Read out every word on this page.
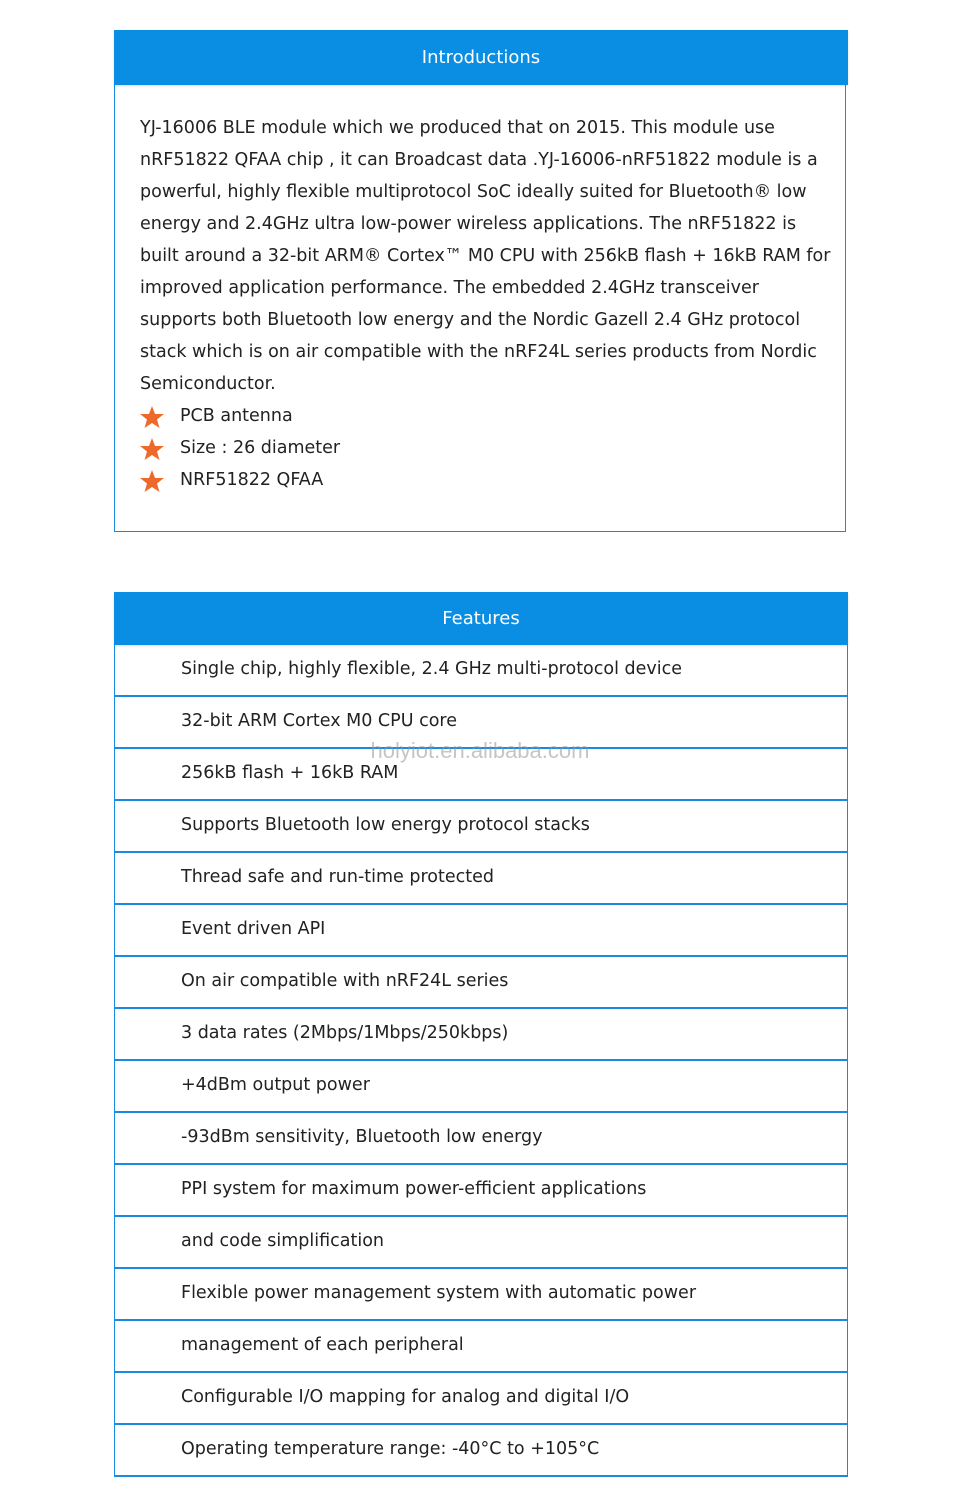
Introductions

YJ-16006 BLE module which we produced that on 2015. This module use nRF51822 QFAA chip , it can Broadcast data .YJ-16006-nRF51822 module is a powerful, highly flexible multiprotocol SoC ideally suited for Bluetooth® low energy and 2.4GHz ultra low-power wireless applications. The nRF51822 is built around a 32-bit ARM® Cortex™ M0 CPU with 256kB flash + 16kB RAM for improved application performance. The embedded 2.4GHz transceiver supports both Bluetooth low energy and the Nordic Gazell 2.4 GHz protocol stack which is on air compatible with the nRF24L series products from Nordic Semiconductor.

PCB antenna
Size : 26 diameter
NRF51822 QFAA
Features
Single chip, highly flexible, 2.4 GHz multi-protocol device
32-bit ARM Cortex M0 CPU core
256kB flash + 16kB RAM
Supports Bluetooth low energy protocol stacks
Thread safe and run-time protected
Event driven API
On air compatible with nRF24L series
3 data rates (2Mbps/1Mbps/250kbps)
+4dBm output power
-93dBm sensitivity, Bluetooth low energy
PPI system for maximum power-efficient applications
and code simplification
Flexible power management system with automatic power
management of each peripheral
Configurable I/O mapping for analog and digital I/O
Operating temperature range: -40°C to +105°C
holyiot.en.alibaba.com
